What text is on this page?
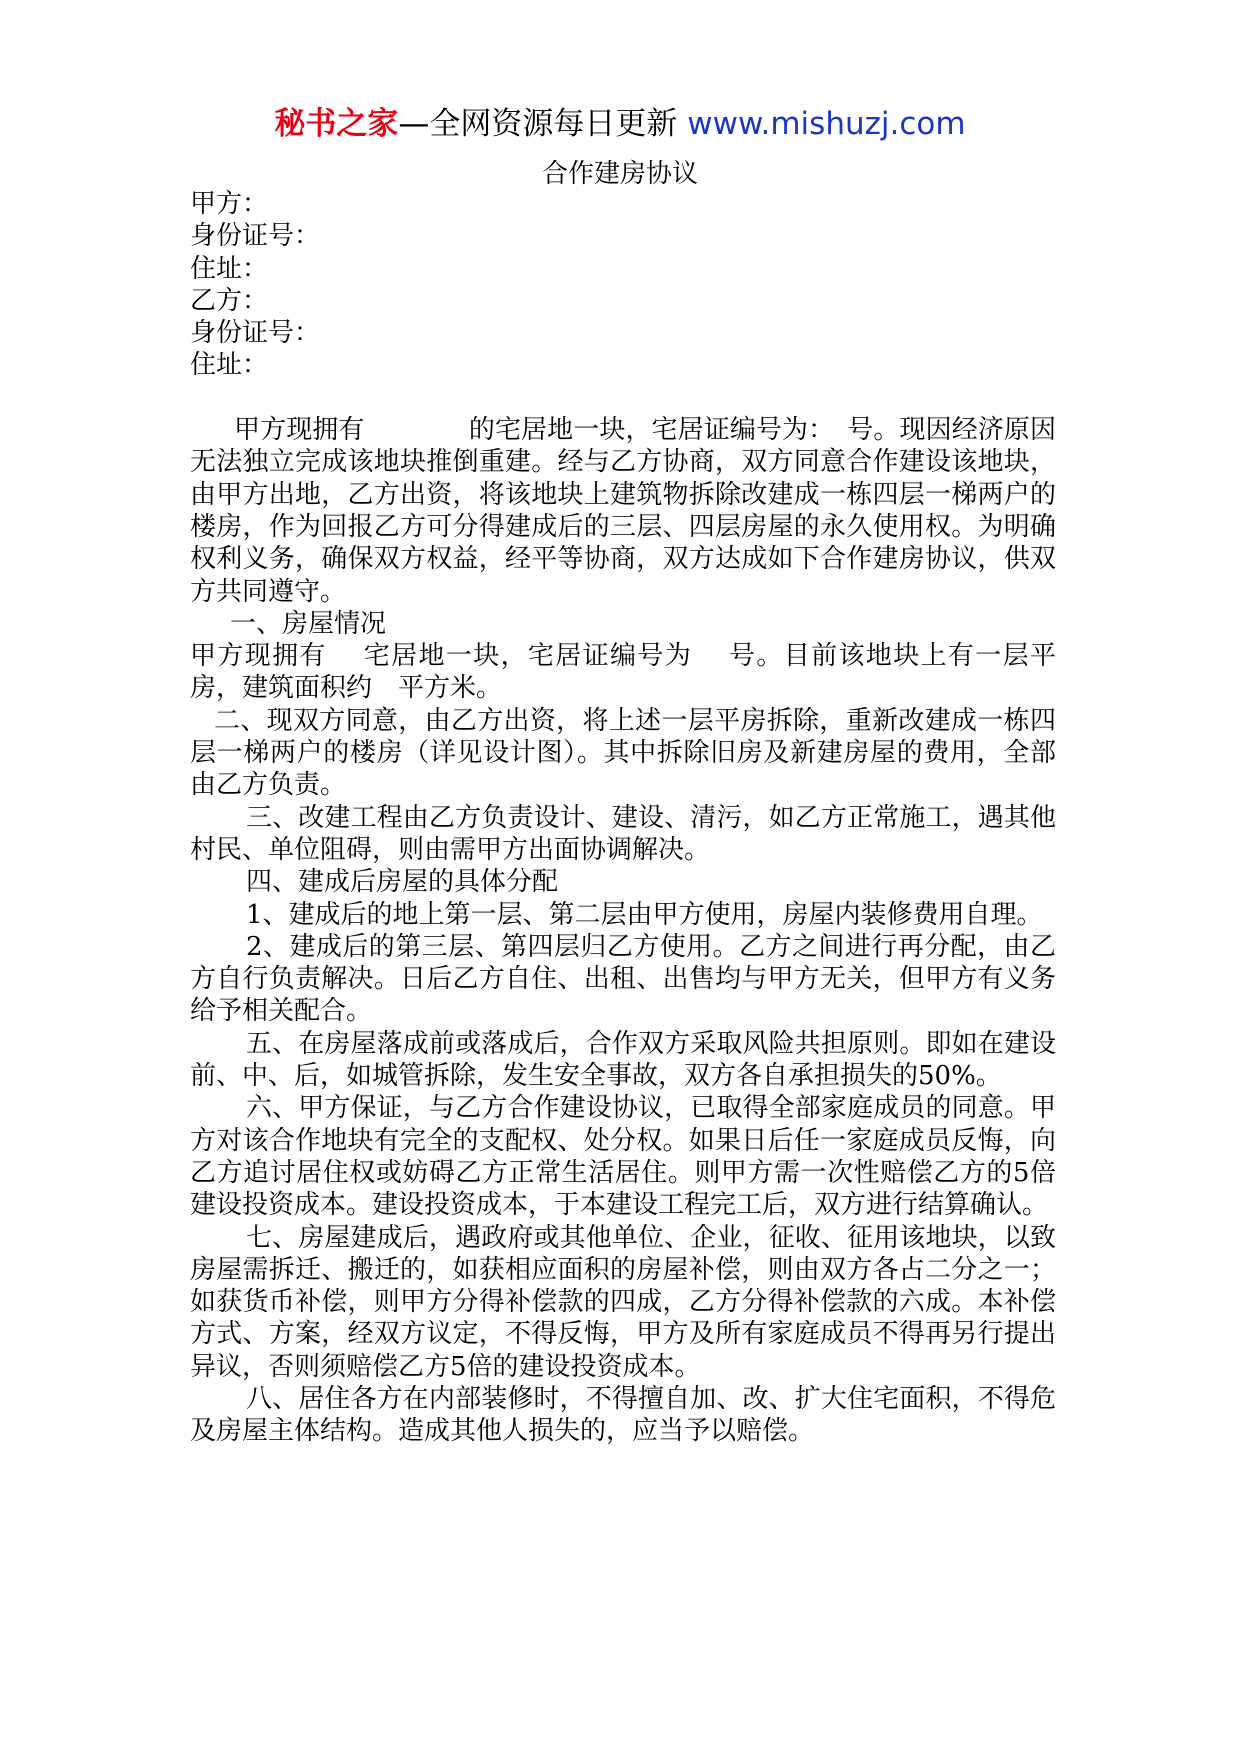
秘书之家—全网资源每日更新 www.mishuzj.com
合作建房协议

甲方：

身份证号：

住址：

乙方：

身份证号：

住址：

甲方现拥有　　　　的宅居地一块，宅居证编号为：　号。现因经济原因无法独立完成该地块推倒重建。经与乙方协商，双方同意合作建设该地块，由甲方出地，乙方出资，将该地块上建筑物拆除改建成一栋四层一梯两户的楼房，作为回报乙方可分得建成后的三层、四层房屋的永久使用权。为明确权利义务，确保双方权益，经平等协商，双方达成如下合作建房协议，供双方共同遵守。

一、房屋情况

甲方现拥有　 宅居地一块，宅居证编号为　 号。目前该地块上有一层平房，建筑面积约　平方米。

二、现双方同意，由乙方出资，将上述一层平房拆除，重新改建成一栋四层一梯两户的楼房（详见设计图）。其中拆除旧房及新建房屋的费用，全部由乙方负责。

三、改建工程由乙方负责设计、建设、清污，如乙方正常施工，遇其他村民、单位阻碍，则由需甲方出面协调解决。

四、建成后房屋的具体分配

1、建成后的地上第一层、第二层由甲方使用，房屋内装修费用自理。

2、建成后的第三层、第四层归乙方使用。乙方之间进行再分配，由乙方自行负责解决。日后乙方自住、出租、出售均与甲方无关，但甲方有义务给予相关配合。

五、在房屋落成前或落成后，合作双方采取风险共担原则。即如在建设前、中、后，如城管拆除，发生安全事故，双方各自承担损失的50%。

六、甲方保证，与乙方合作建设协议，已取得全部家庭成员的同意。甲方对该合作地块有完全的支配权、处分权。如果日后任一家庭成员反悔，向乙方追讨居住权或妨碍乙方正常生活居住。则甲方需一次性赔偿乙方的5倍建设投资成本。建设投资成本，于本建设工程完工后，双方进行结算确认。

七、房屋建成后，遇政府或其他单位、企业，征收、征用该地块，以致房屋需拆迁、搬迁的，如获相应面积的房屋补偿，则由双方各占二分之一；如获货币补偿，则甲方分得补偿款的四成，乙方分得补偿款的六成。本补偿方式、方案，经双方议定，不得反悔，甲方及所有家庭成员不得再另行提出异议，否则须赔偿乙方5倍的建设投资成本。

八、居住各方在内部装修时，不得擅自加、改、扩大住宅面积，不得危及房屋主体结构。造成其他人损失的，应当予以赔偿。
